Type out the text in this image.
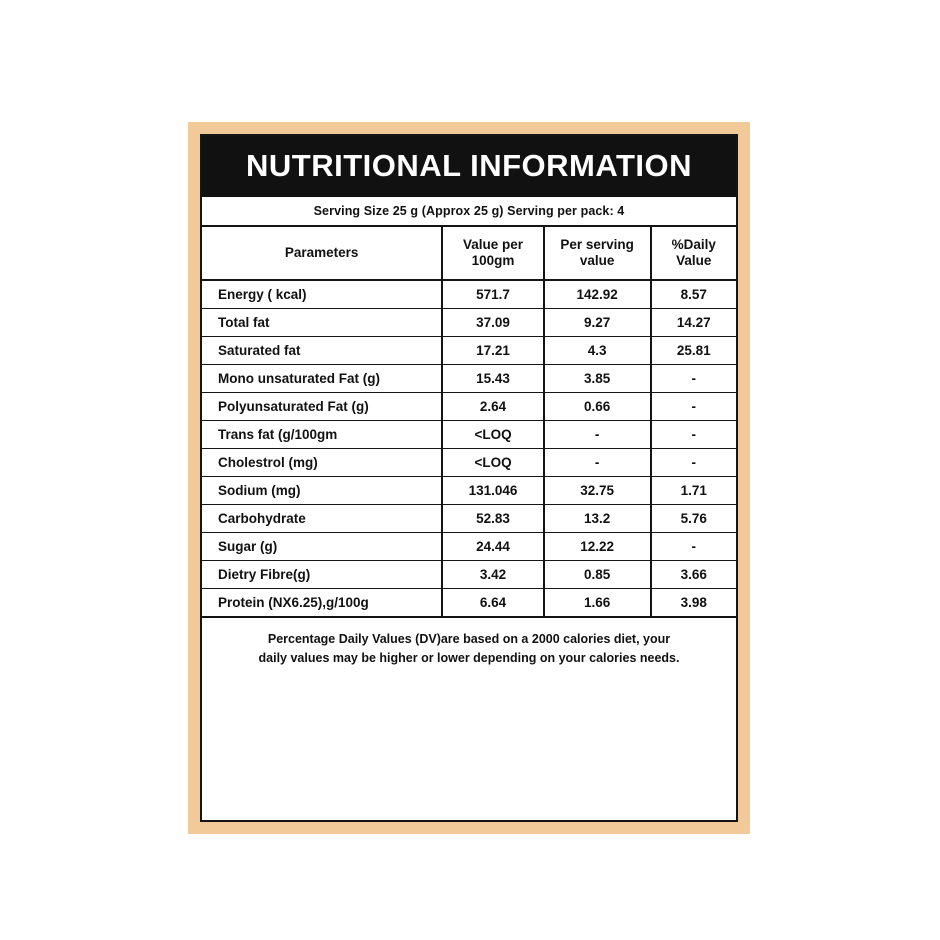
NUTRITIONAL INFORMATION
Serving Size 25 g (Approx 25 g) Serving per pack: 4
Parameters	Value per 100gm	Per serving value	%Daily Value
Energy ( kcal)	571.7	142.92	8.57
Total fat	37.09	9.27	14.27
Saturated fat	17.21	4.3	25.81
Mono unsaturated Fat (g)	15.43	3.85	-
Polyunsaturated Fat (g)	2.64	0.66	-
Trans fat (g/100gm	<LOQ	-	-
Cholestrol (mg)	<LOQ	-	-
Sodium (mg)	131.046	32.75	1.71
Carbohydrate	52.83	13.2	5.76
Sugar (g)	24.44	12.22	-
Dietry Fibre(g)	3.42	0.85	3.66
Protein (NX6.25),g/100g	6.64	1.66	3.98
Percentage Daily Values (DV)are based on a 2000 calories diet, your
daily values may be higher or lower depending on your calories needs.
